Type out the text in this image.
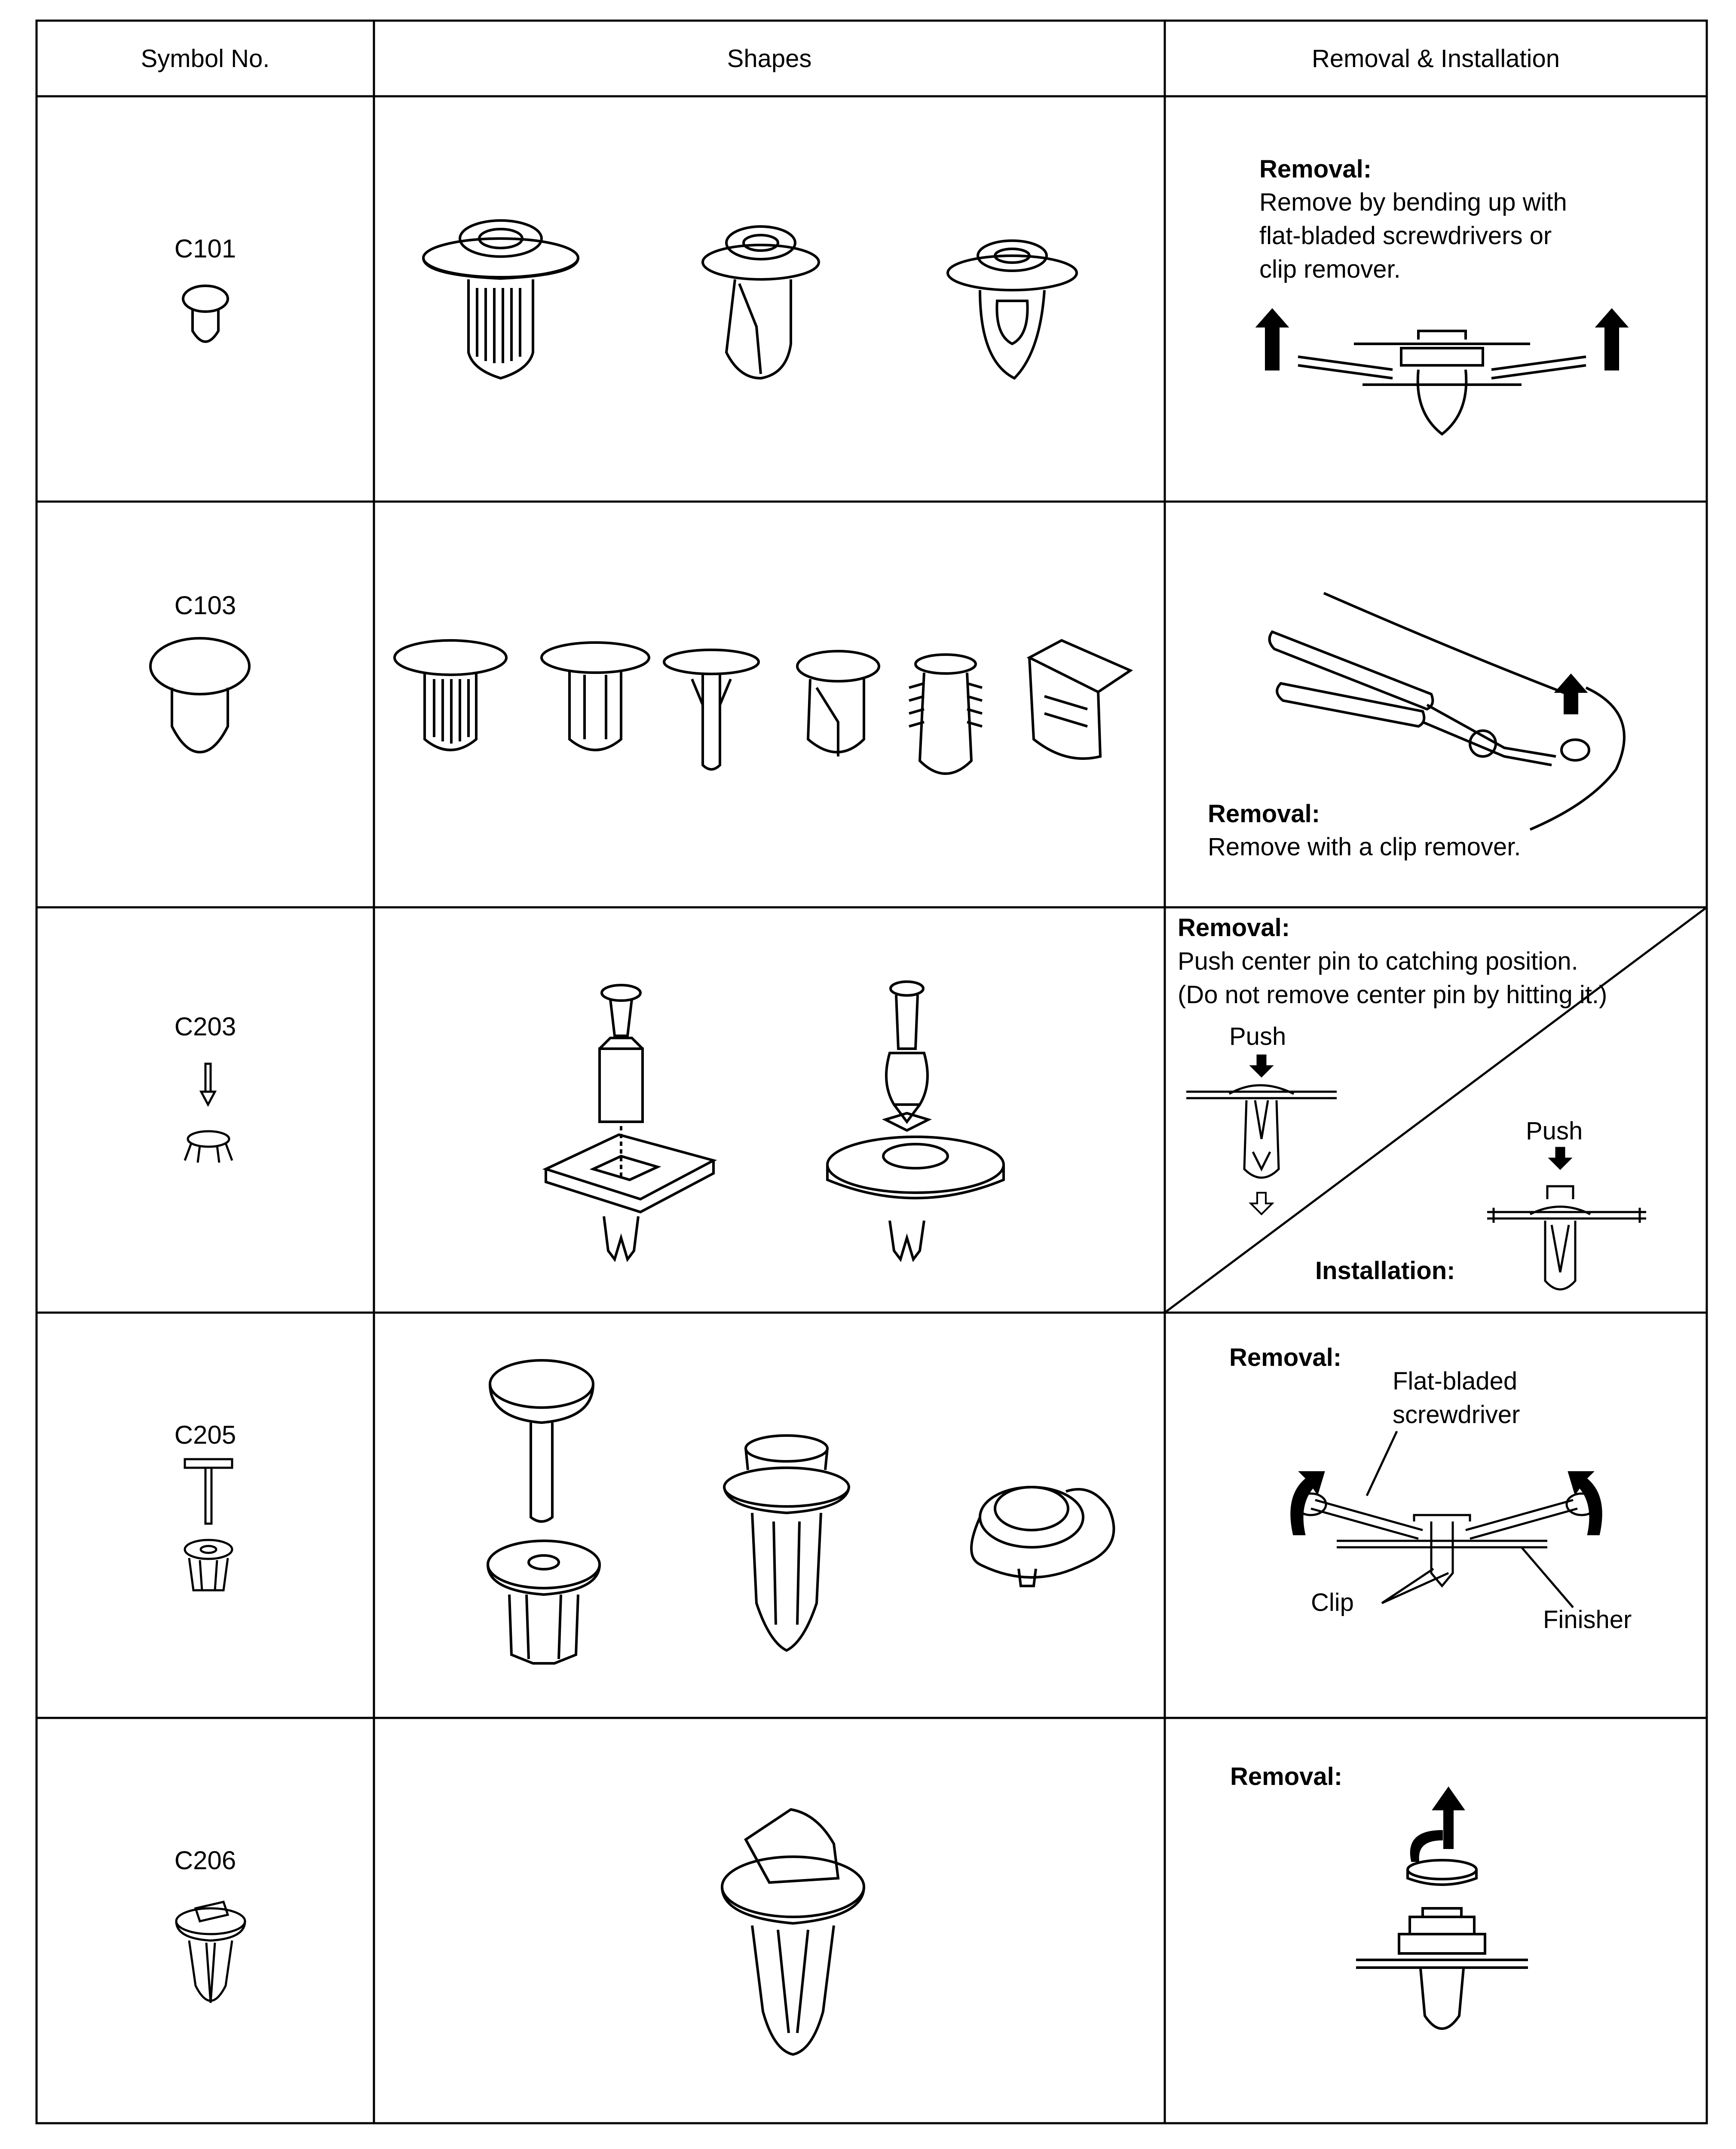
Symbol No.	Shapes	Removal & Installation
C101
Removal:
Remove by bending up with
flat-bladed screwdrivers or
clip remover.
C103
Removal:
Remove with a clip remover.
C203
Removal:
Push center pin to catching position.
(Do not remove center pin by hitting it.)
Push
Push
Installation:
C205
Removal:
Flat-bladed
screwdriver
Clip
Finisher
C206
Removal:
